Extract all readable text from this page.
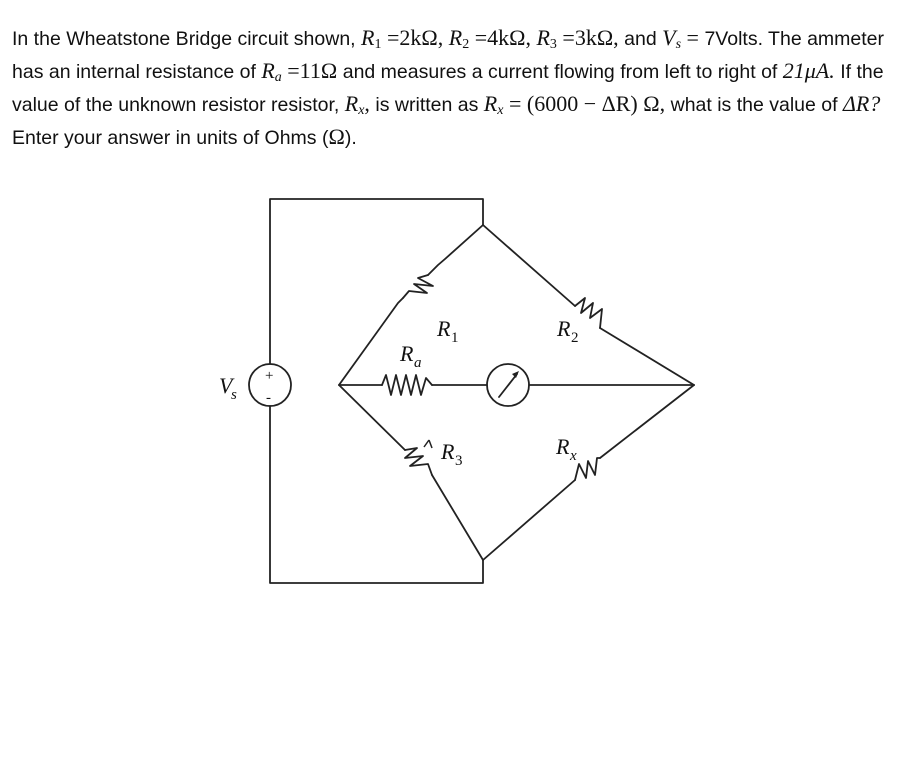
In the Wheatstone Bridge circuit shown, $R_1 =2k\Omega$, $R_2 =4k\Omega$, $R_3 =3k\Omega$, and $V_s$ = 7Volts. The ammeter has an internal resistance of $R_a =11\Omega$ and measures a current flowing from left to right of 21μA. If the value of the unknown resistor resistor, $R_x$, is written as $R_x = (6000 - \Delta R)$ Ω, what is the value of ΔR? Enter your answer in units of Ohms (Ω).
+
-
R 1	R 2
R a
V
s
R 3
R x
